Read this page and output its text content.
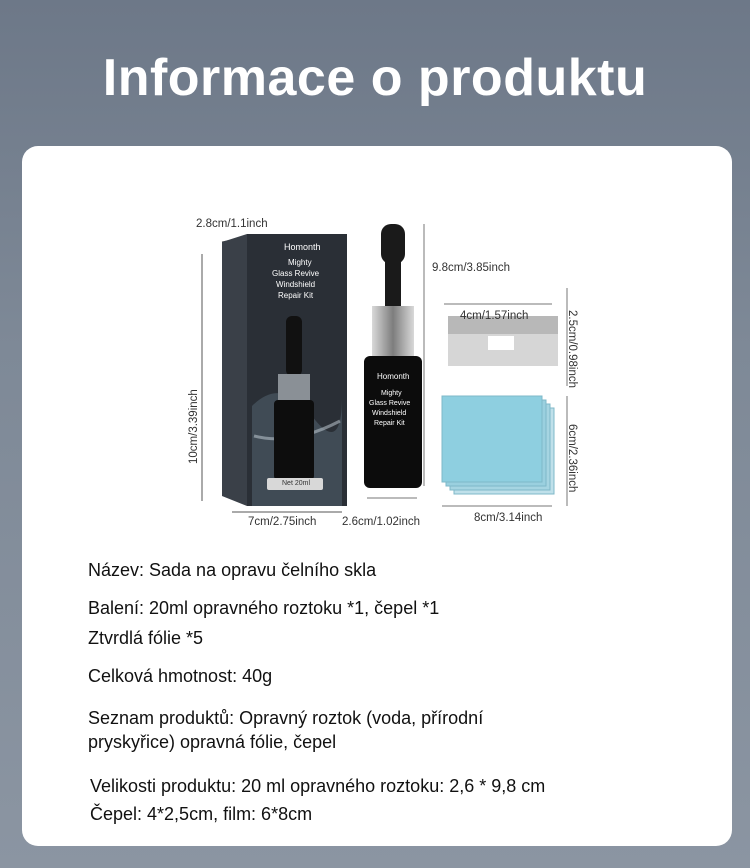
Informace o produktu
Homonth
Mighty
Glass Revive
Windshield
Repair Kit
Net 20ml
Homonth
Mighty
Glass Revive
Windshield
Repair Kit
2.8cm/1.1inch
10cm/3.39inch
7cm/2.75inch
9.8cm/3.85inch
2.6cm/1.02inch
4cm/1.57inch	2.5cm/0.98inch
6cm/2.36inch
8cm/3.14inch
Název: Sada na opravu čelního skla
Balení: 20ml opravného roztoku *1, čepel *1
Ztvrdlá fólie *5
Celková hmotnost: 40g
Seznam produktů: Opravný roztok (voda, přírodní
pryskyřice) opravná fólie, čepel
Velikosti produktu: 20 ml opravného roztoku: 2,6 * 9,8 cm
Čepel: 4*2,5cm, film: 6*8cm
